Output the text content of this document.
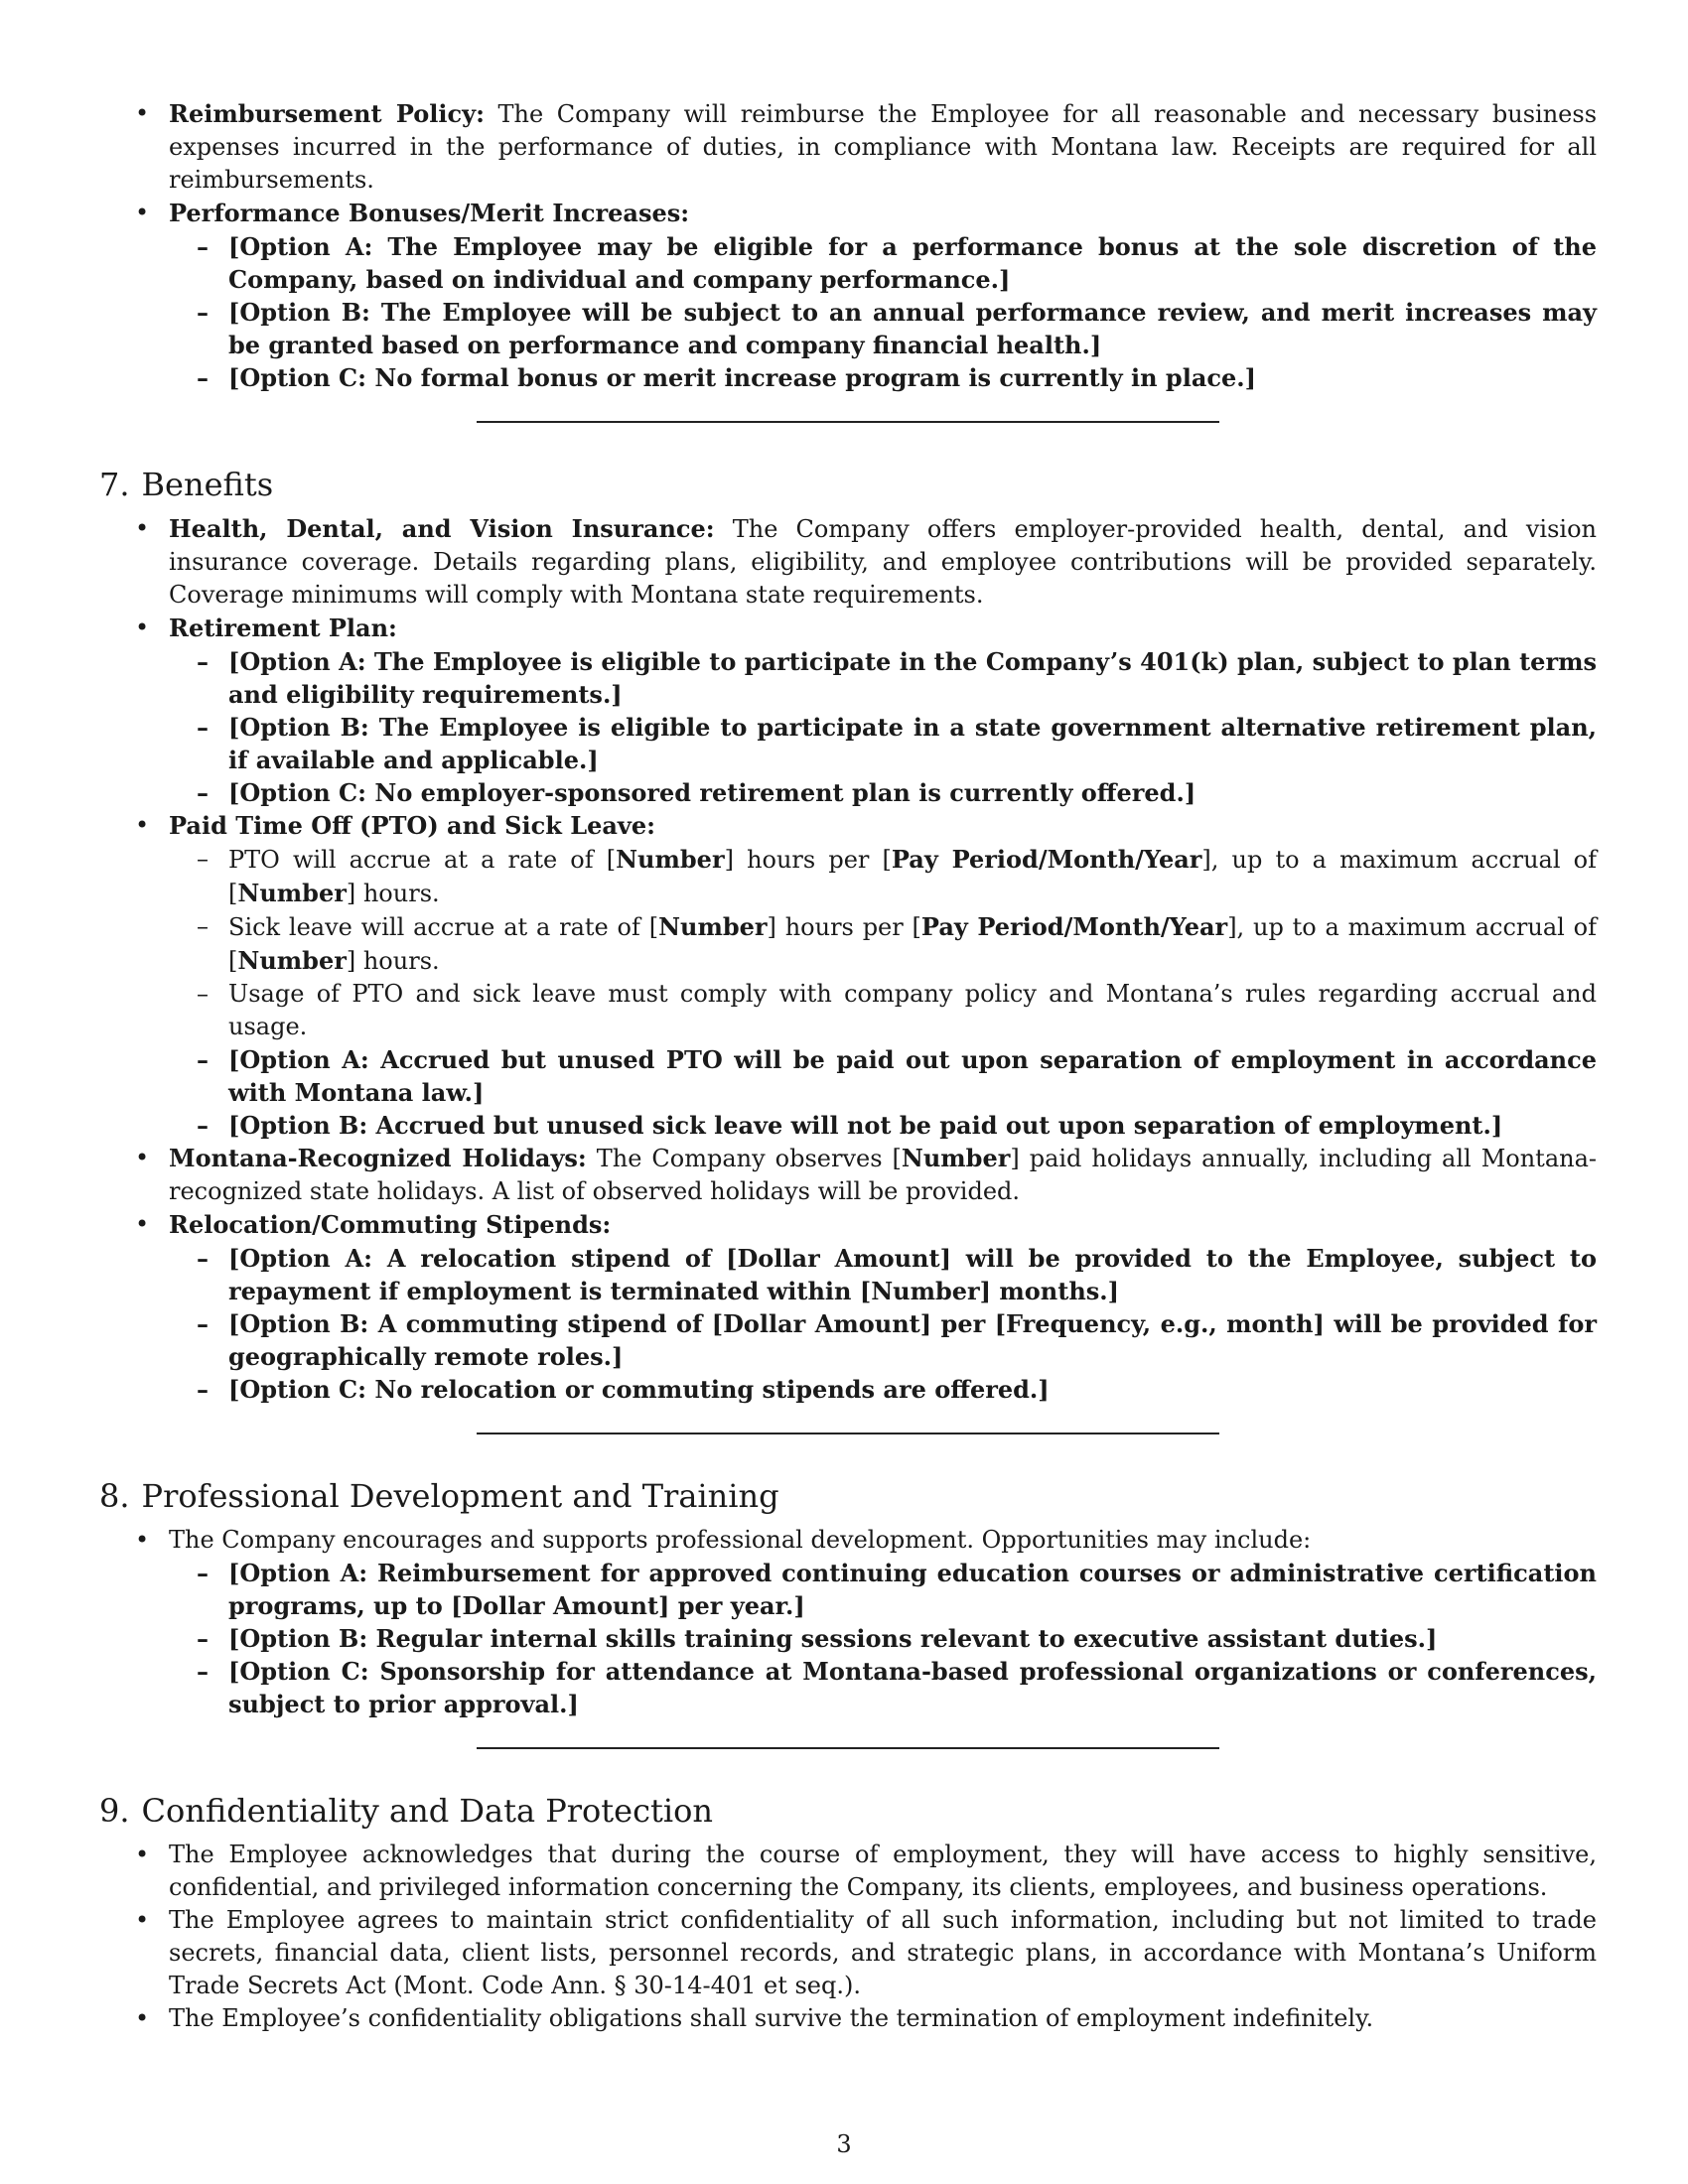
• Reimbursement Policy: The Company will reimburse the Employee for all reasonable and necessary business expenses incurred in the performance of duties, in compliance with Montana law. Receipts are required for all reimbursements.
• Performance Bonuses/Merit Increases:
– [Option A: The Employee may be eligible for a performance bonus at the sole discretion of the Company, based on individual and company performance.]
– [Option B: The Employee will be subject to an annual performance review, and merit increases may be granted based on performance and company financial health.]
– [Option C: No formal bonus or merit increase program is currently in place.]
7. Benefits
• Health, Dental, and Vision Insurance: The Company offers employer-provided health, dental, and vision insurance coverage. Details regarding plans, eligibility, and employee contributions will be provided separately. Coverage minimums will comply with Montana state requirements.
• Retirement Plan:
– [Option A: The Employee is eligible to participate in the Company’s 401(k) plan, subject to plan terms and eligibility requirements.]
– [Option B: The Employee is eligible to participate in a state government alternative retirement plan, if available and applicable.]
– [Option C: No employer-sponsored retirement plan is currently offered.]
• Paid Time Off (PTO) and Sick Leave:
– PTO will accrue at a rate of [Number] hours per [Pay Period/Month/Year], up to a maximum accrual of [Number] hours.
– Sick leave will accrue at a rate of [Number] hours per [Pay Period/Month/Year], up to a maximum accrual of [Number] hours.
– Usage of PTO and sick leave must comply with company policy and Montana’s rules regarding accrual and usage.
– [Option A: Accrued but unused PTO will be paid out upon separation of employment in accordance with Montana law.]
– [Option B: Accrued but unused sick leave will not be paid out upon separation of employment.]
• Montana-Recognized Holidays: The Company observes [Number] paid holidays annually, including all Montana-recognized state holidays. A list of observed holidays will be provided.
• Relocation/Commuting Stipends:
– [Option A: A relocation stipend of [Dollar Amount] will be provided to the Employee, subject to repayment if employment is terminated within [Number] months.]
– [Option B: A commuting stipend of [Dollar Amount] per [Frequency, e.g., month] will be provided for geographically remote roles.]
– [Option C: No relocation or commuting stipends are offered.]
8. Professional Development and Training
• The Company encourages and supports professional development. Opportunities may include:
– [Option A: Reimbursement for approved continuing education courses or administrative certification programs, up to [Dollar Amount] per year.]
– [Option B: Regular internal skills training sessions relevant to executive assistant duties.]
– [Option C: Sponsorship for attendance at Montana-based professional organizations or conferences, subject to prior approval.]
9. Confidentiality and Data Protection
• The Employee acknowledges that during the course of employment, they will have access to highly sensitive, confidential, and privileged information concerning the Company, its clients, employees, and business operations.
• The Employee agrees to maintain strict confidentiality of all such information, including but not limited to trade secrets, financial data, client lists, personnel records, and strategic plans, in accordance with Montana’s Uniform Trade Secrets Act (Mont. Code Ann. § 30-14-401 et seq.).
• The Employee’s confidentiality obligations shall survive the termination of employment indefinitely.
3
